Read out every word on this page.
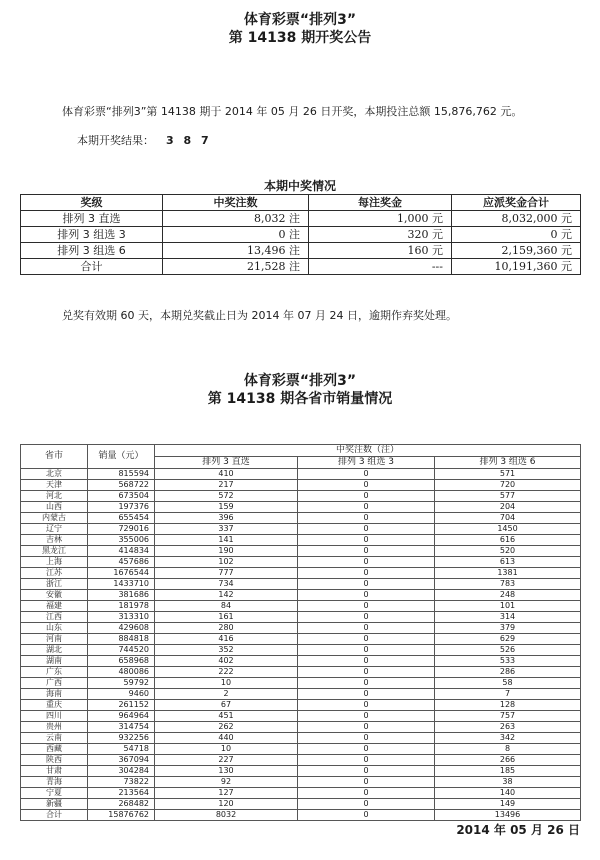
体育彩票“排列3”
第 14138 期开奖公告

体育彩票“排列3”第 14138 期于 2014 年 05 月 26 日开奖，本期投注总额 15,876,762 元。

本期开奖结果： 3 8 7
本期中奖情况
奖级	中奖注数	每注奖金	应派奖金合计
排列 3 直选	8,032 注	1,000 元	8,032,000 元
排列 3 组选 3	0 注	320 元	0 元
排列 3 组选 6	13,496 注	160 元	2,159,360 元
合计	21,528 注	---	10,191,360 元

兑奖有效期 60 天，本期兑奖截止日为 2014 年 07 月 24 日，逾期作弃奖处理。

体育彩票“排列3”
第 14138 期各省市销量情况
省市	销量（元）	中奖注数（注）		
		排列 3 直选	排列 3 组选 3	排列 3 组选 6
北京	815594	410	0	571
天津	568722	217	0	720
河北	673504	572	0	577
山西	197376	159	0	204
内蒙古	655454	396	0	704
辽宁	729016	337	0	1450
吉林	355006	141	0	616
黑龙江	414834	190	0	520
上海	457686	102	0	613
江苏	1676544	777	0	1381
浙江	1433710	734	0	783
安徽	381686	142	0	248
福建	181978	84	0	101
江西	313310	161	0	314
山东	429608	280	0	379
河南	884818	416	0	629
湖北	744520	352	0	526
湖南	658968	402	0	533
广东	480086	222	0	286
广西	59792	10	0	58
海南	9460	2	0	7
重庆	261152	67	0	128
四川	964964	451	0	757
贵州	314754	262	0	263
云南	932256	440	0	342
西藏	54718	10	0	8
陕西	367094	227	0	266
甘肃	304284	130	0	185
青海	73822	92	0	38
宁夏	213564	127	0	140
新疆	268482	120	0	149
合计	15876762	8032	0	13496
2014 年 05 月 26 日
